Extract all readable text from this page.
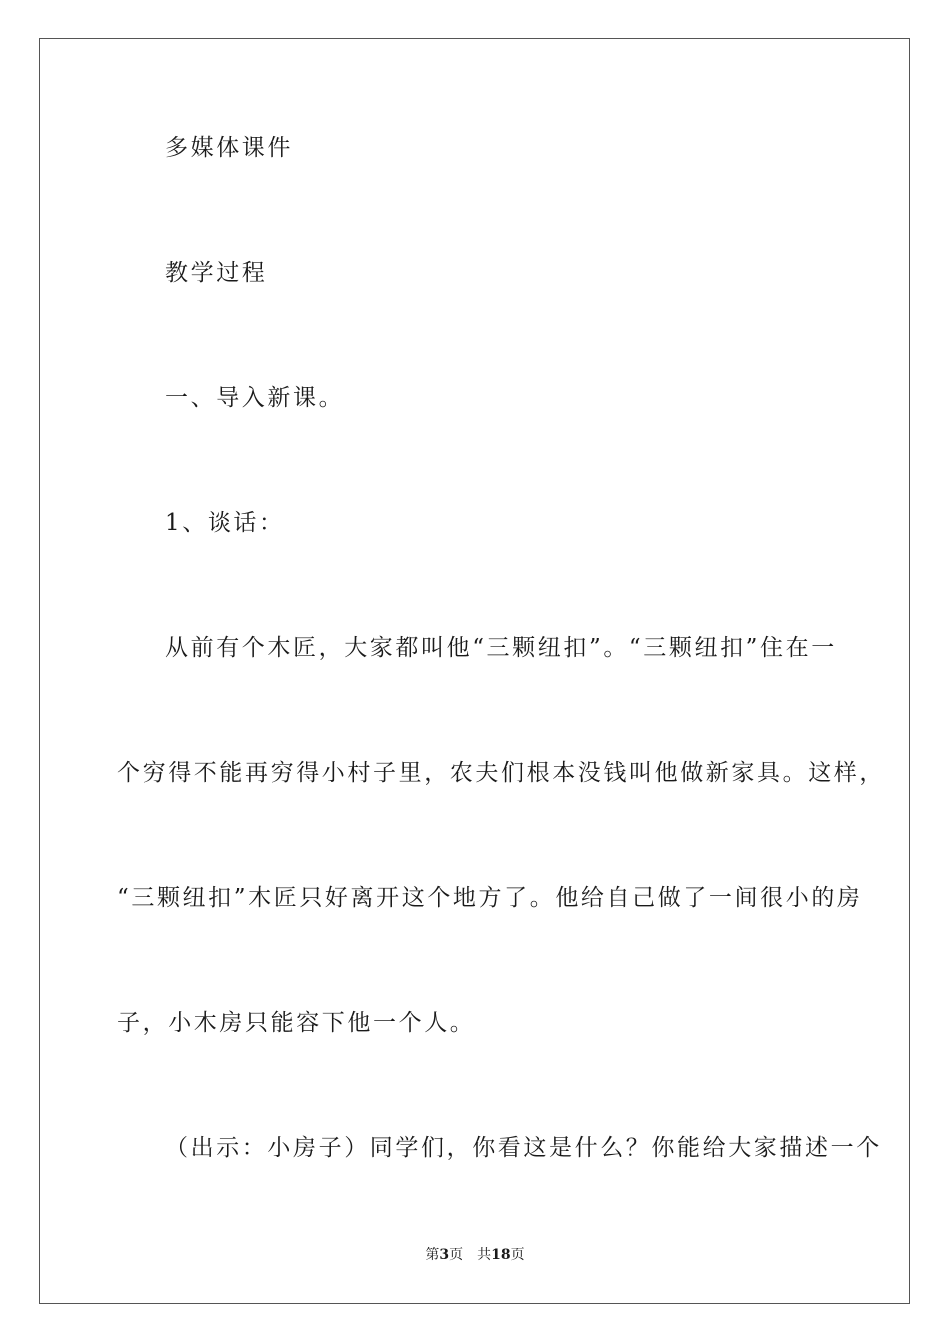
多媒体课件
教学过程
一、导入新课。
1、谈话：
从前有个木匠，大家都叫他“三颗纽扣”。“三颗纽扣”住在一
个穷得不能再穷得小村子里，农夫们根本没钱叫他做新家具。这样，
“三颗纽扣”木匠只好离开这个地方了。他给自己做了一间很小的房
子，小木房只能容下他一个人。
（出示：小房子）同学们，你看这是什么？你能给大家描述一个
第3页 共18页
